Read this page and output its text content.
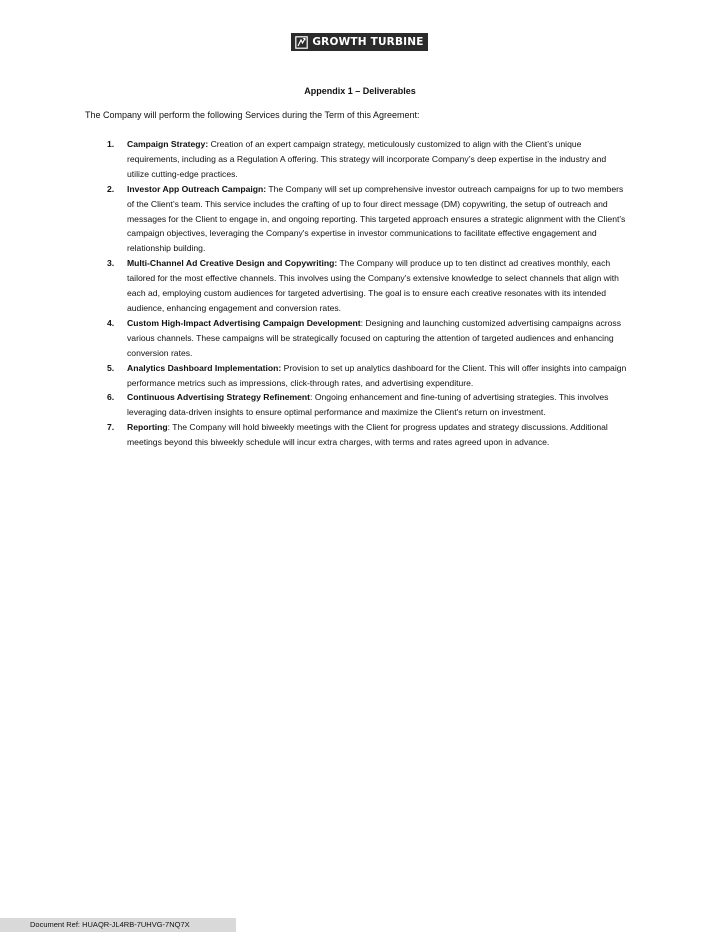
GROWTH TURBINE
Appendix 1 – Deliverables
The Company will perform the following Services during the Term of this Agreement:
1. Campaign Strategy: Creation of an expert campaign strategy, meticulously customized to align with the Client’s unique requirements, including as a Regulation A offering. This strategy will incorporate Company’s deep expertise in the industry and utilize cutting-edge practices.
2. Investor App Outreach Campaign: The Company will set up comprehensive investor outreach campaigns for up to two members of the Client’s team. This service includes the crafting of up to four direct message (DM) copywriting, the setup of outreach and messages for the Client to engage in, and ongoing reporting. This targeted approach ensures a strategic alignment with the Client's campaign objectives, leveraging the Company's expertise in investor communications to facilitate effective engagement and relationship building.
3. Multi-Channel Ad Creative Design and Copywriting: The Company will produce up to ten distinct ad creatives monthly, each tailored for the most effective channels. This involves using the Company's extensive knowledge to select channels that align with each ad, employing custom audiences for targeted advertising. The goal is to ensure each creative resonates with its intended audience, enhancing engagement and conversion rates.
4. Custom High-Impact Advertising Campaign Development: Designing and launching customized advertising campaigns across various channels. These campaigns will be strategically focused on capturing the attention of targeted audiences and enhancing conversion rates.
5. Analytics Dashboard Implementation: Provision to set up analytics dashboard for the Client. This will offer insights into campaign performance metrics such as impressions, click-through rates, and advertising expenditure.
6. Continuous Advertising Strategy Refinement: Ongoing enhancement and fine-tuning of advertising strategies. This involves leveraging data-driven insights to ensure optimal performance and maximize the Client's return on investment.
7. Reporting: The Company will hold biweekly meetings with the Client for progress updates and strategy discussions. Additional meetings beyond this biweekly schedule will incur extra charges, with terms and rates agreed upon in advance.
Document Ref: HUAQR-JL4RB-7UHVG-7NQ7X
